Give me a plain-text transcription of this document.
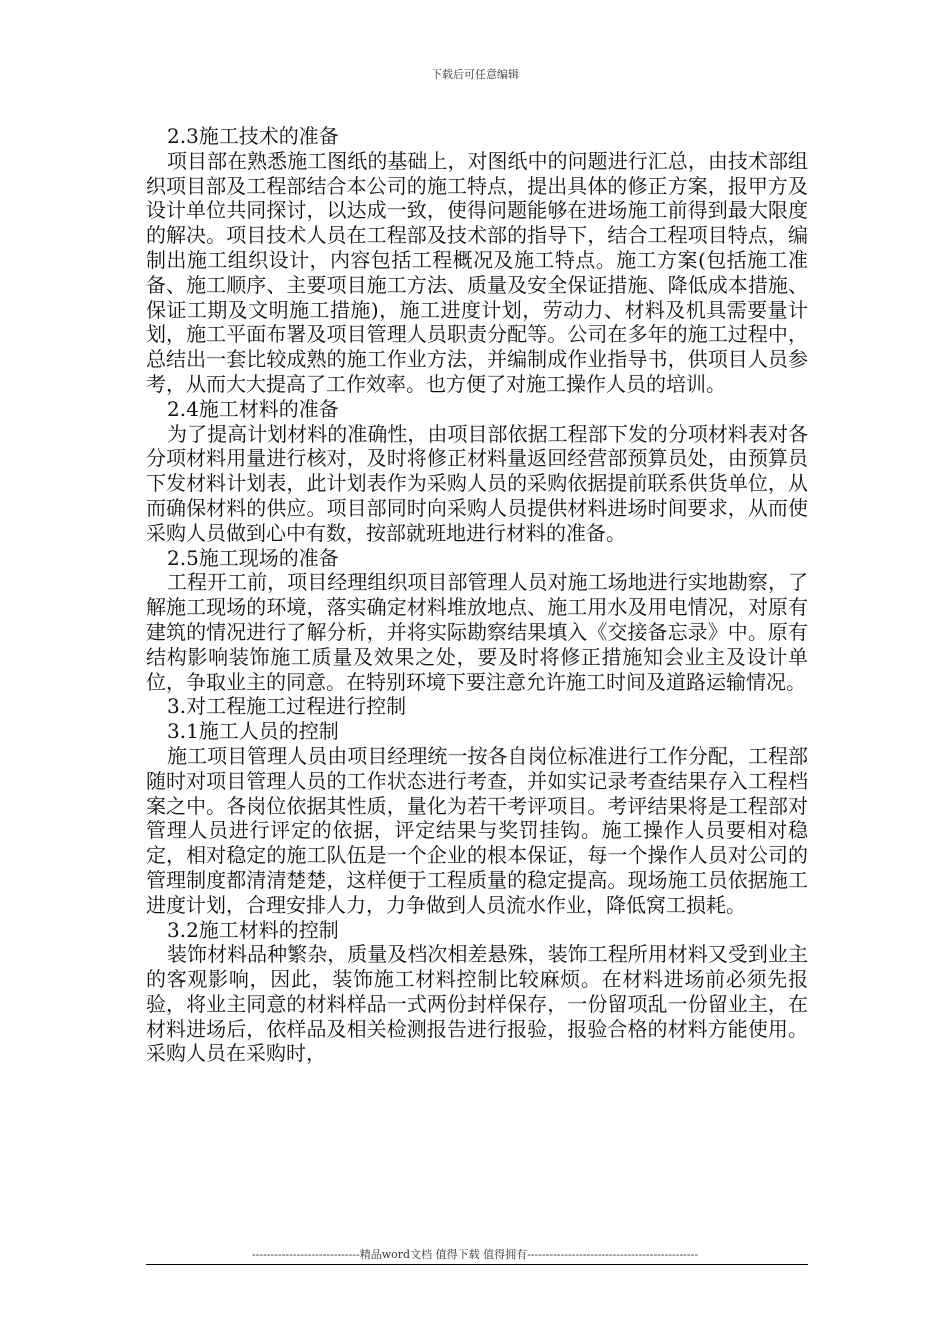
下载后可任意编辑
2.3施工技术的准备

项目部在熟悉施工图纸的基础上，对图纸中的问题进行汇总，由技术部组织项目部及工程部结合本公司的施工特点，提出具体的修正方案，报甲方及设计单位共同探讨，以达成一致，使得问题能够在进场施工前得到最大限度的解决。项目技术人员在工程部及技术部的指导下，结合工程项目特点，编制出施工组织设计，内容包括工程概况及施工特点。施工方案(包括施工准备、施工顺序、主要项目施工方法、质量及安全保证措施、降低成本措施、保证工期及文明施工措施)，施工进度计划，劳动力、材料及机具需要量计划，施工平面布署及项目管理人员职责分配等。公司在多年的施工过程中，总结出一套比较成熟的施工作业方法，并编制成作业指导书，供项目人员参考，从而大大提高了工作效率。也方便了对施工操作人员的培训。

2.4施工材料的准备

为了提高计划材料的准确性，由项目部依据工程部下发的分项材料表对各分项材料用量进行核对，及时将修正材料量返回经营部预算员处，由预算员下发材料计划表，此计划表作为采购人员的采购依据提前联系供货单位，从而确保材料的供应。项目部同时向采购人员提供材料进场时间要求，从而使采购人员做到心中有数，按部就班地进行材料的准备。

2.5施工现场的准备

工程开工前，项目经理组织项目部管理人员对施工场地进行实地勘察，了解施工现场的环境，落实确定材料堆放地点、施工用水及用电情况，对原有建筑的情况进行了解分析，并将实际勘察结果填入《交接备忘录》中。原有结构影响装饰施工质量及效果之处，要及时将修正措施知会业主及设计单位，争取业主的同意。在特别环境下要注意允许施工时间及道路运输情况。

3.对工程施工过程进行控制
3.1施工人员的控制

施工项目管理人员由项目经理统一按各自岗位标准进行工作分配，工程部随时对项目管理人员的工作状态进行考查，并如实记录考查结果存入工程档案之中。各岗位依据其性质，量化为若干考评项目。考评结果将是工程部对管理人员进行评定的依据，评定结果与奖罚挂钩。施工操作人员要相对稳定，相对稳定的施工队伍是一个企业的根本保证，每一个操作人员对公司的管理制度都清清楚楚，这样便于工程质量的稳定提高。现场施工员依据施工进度计划，合理安排人力，力争做到人员流水作业，降低窝工损耗。

3.2施工材料的控制

装饰材料品种繁杂，质量及档次相差悬殊，装饰工程所用材料又受到业主的客观影响，因此，装饰施工材料控制比较麻烦。在材料进场前必须先报验，将业主同意的材料样品一式两份封样保存，一份留项乱一份留业主，在材料进场后，依样品及相关检测报告进行报验，报验合格的材料方能使用。采购人员在采购时，

-----------------------------精品word文档 值得下载 值得拥有----------------------------------------------
